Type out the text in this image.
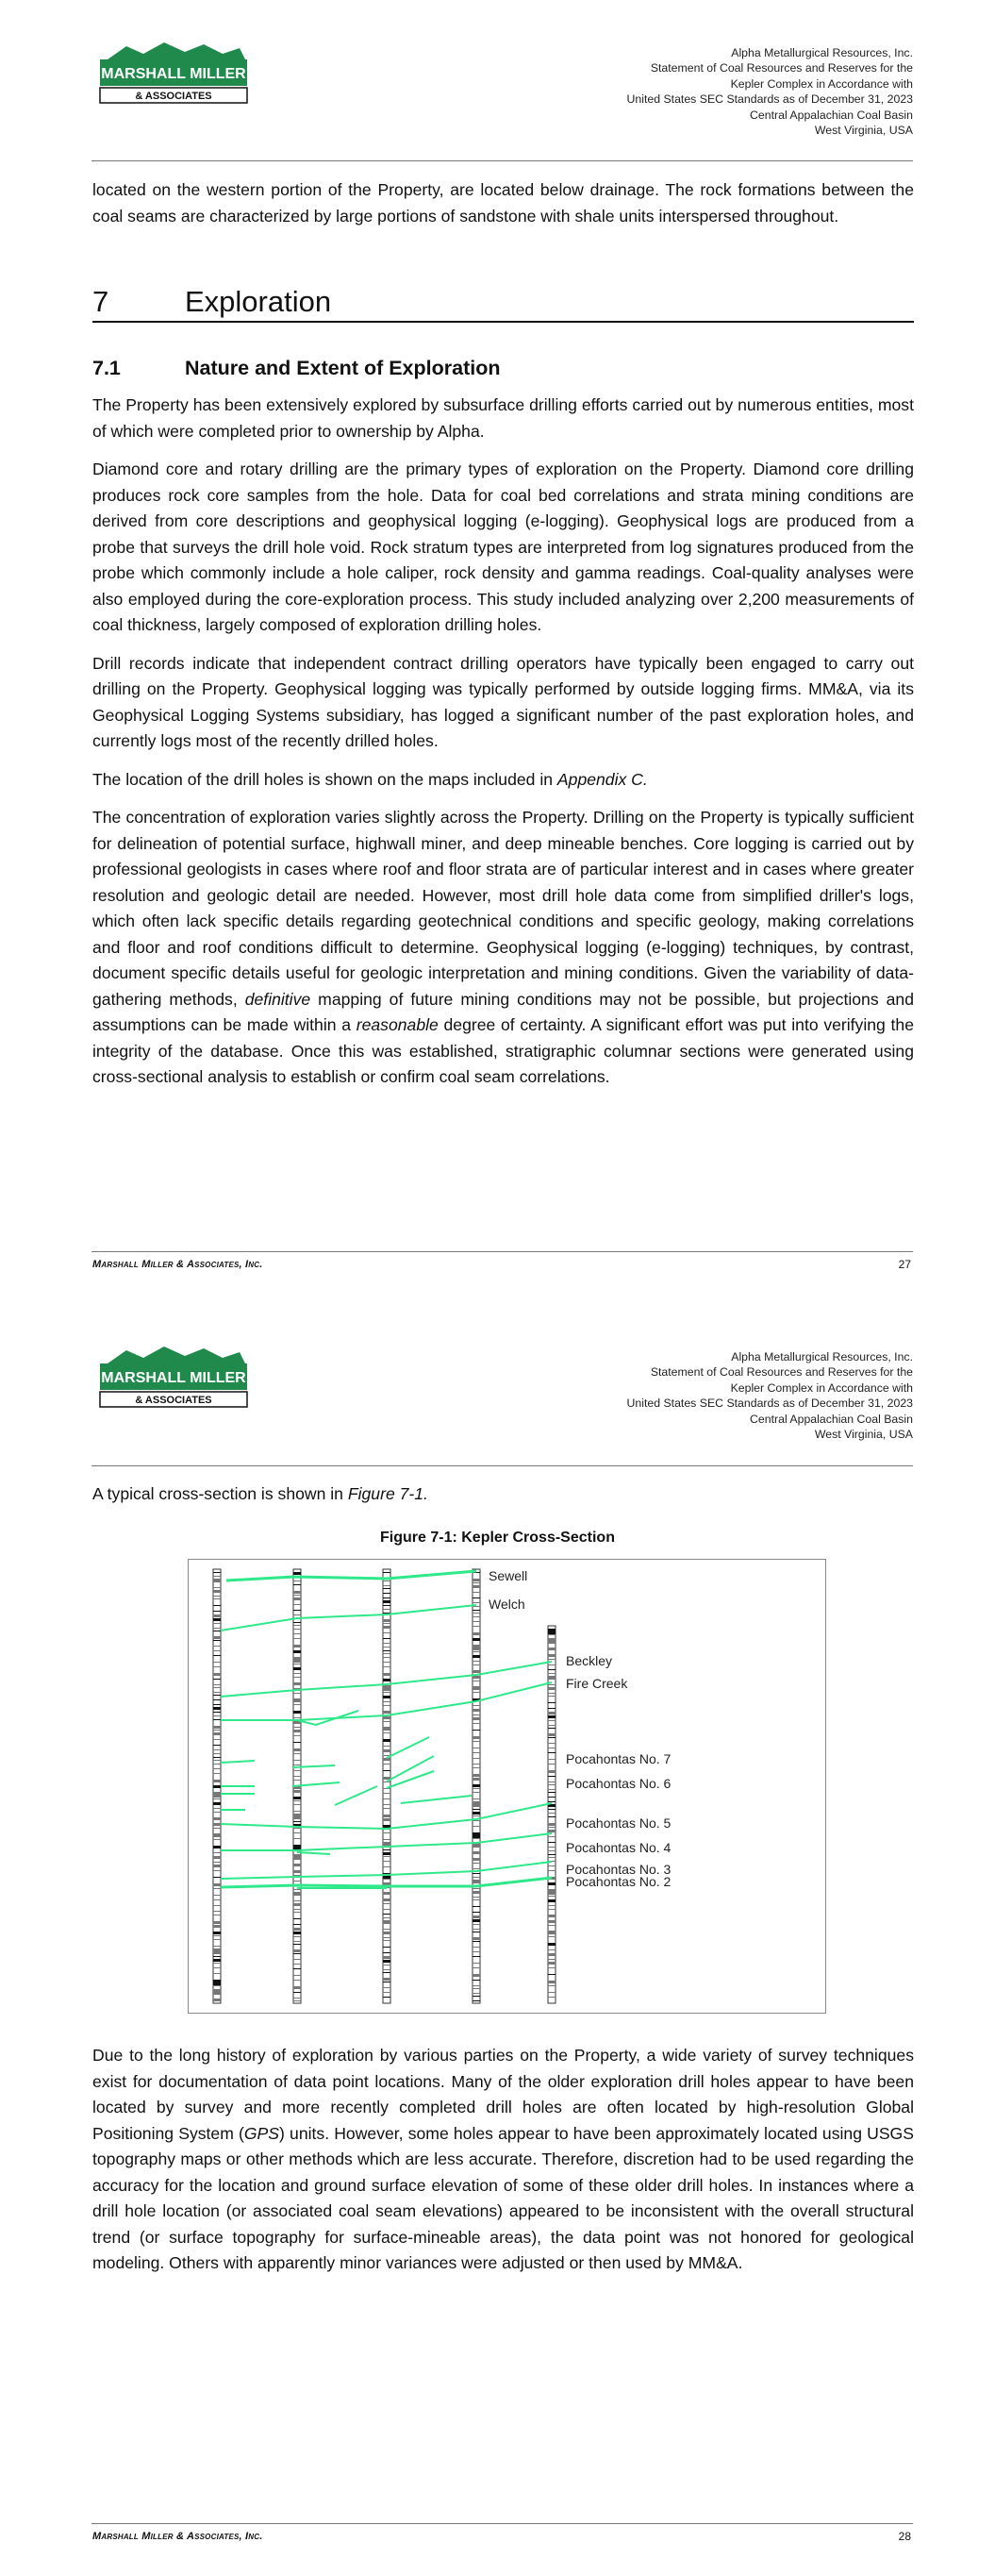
MARSHALL MILLER
& ASSOCIATES
Alpha Metallurgical Resources, Inc.
Statement of Coal Resources and Reserves for the
Kepler Complex in Accordance with
United States SEC Standards as of December 31, 2023
Central Appalachian Coal Basin
West Virginia, USA

located on the western portion of the Property, are located below drainage. The rock formations between the coal seams are characterized by large portions of sandstone with shale units interspersed throughout.

7	Exploration
7.1	Nature and Extent of Exploration

The Property has been extensively explored by subsurface drilling efforts carried out by numerous entities, most of which were completed prior to ownership by Alpha.

Diamond core and rotary drilling are the primary types of exploration on the Property. Diamond core drilling produces rock core samples from the hole. Data for coal bed correlations and strata mining conditions are derived from core descriptions and geophysical logging (e-logging). Geophysical logs are produced from a probe that surveys the drill hole void. Rock stratum types are interpreted from log signatures produced from the probe which commonly include a hole caliper, rock density and gamma readings. Coal-quality analyses were also employed during the core-exploration process. This study included analyzing over 2,200 measurements of coal thickness, largely composed of exploration drilling holes.

Drill records indicate that independent contract drilling operators have typically been engaged to carry out drilling on the Property. Geophysical logging was typically performed by outside logging firms. MM&A, via its Geophysical Logging Systems subsidiary, has logged a significant number of the past exploration holes, and currently logs most of the recently drilled holes.

The location of the drill holes is shown on the maps included in Appendix C.

The concentration of exploration varies slightly across the Property. Drilling on the Property is typically sufficient for delineation of potential surface, highwall miner, and deep mineable benches. Core logging is carried out by professional geologists in cases where roof and floor strata are of particular interest and in cases where greater resolution and geologic detail are needed. However, most drill hole data come from simplified driller's logs, which often lack specific details regarding geotechnical conditions and specific geology, making correlations and floor and roof conditions difficult to determine. Geophysical logging (e-logging) techniques, by contrast, document specific details useful for geologic interpretation and mining conditions. Given the variability of data-gathering methods, definitive mapping of future mining conditions may not be possible, but projections and assumptions can be made within a reasonable degree of certainty. A significant effort was put into verifying the integrity of the database. Once this was established, stratigraphic columnar sections were generated using cross-sectional analysis to establish or confirm coal seam correlations.

Marshall Miller & Associates, Inc.	27
MARSHALL MILLER
& ASSOCIATES
Alpha Metallurgical Resources, Inc.
Statement of Coal Resources and Reserves for the
Kepler Complex in Accordance with
United States SEC Standards as of December 31, 2023
Central Appalachian Coal Basin
West Virginia, USA

A typical cross-section is shown in Figure 7-1.

Figure 7-1: Kepler Cross-Section
Sewell
Welch
Beckley
Fire Creek
Pocahontas No. 7
Pocahontas No. 6
Pocahontas No. 5
Pocahontas No. 4
Pocahontas No. 3
Pocahontas No. 2

Due to the long history of exploration by various parties on the Property, a wide variety of survey techniques exist for documentation of data point locations. Many of the older exploration drill holes appear to have been located by survey and more recently completed drill holes are often located by high-resolution Global Positioning System (GPS) units. However, some holes appear to have been approximately located using USGS topography maps or other methods which are less accurate. Therefore, discretion had to be used regarding the accuracy for the location and ground surface elevation of some of these older drill holes. In instances where a drill hole location (or associated coal seam elevations) appeared to be inconsistent with the overall structural trend (or surface topography for surface-mineable areas), the data point was not honored for geological modeling. Others with apparently minor variances were adjusted or then used by MM&A.

Marshall Miller & Associates, Inc.	28
